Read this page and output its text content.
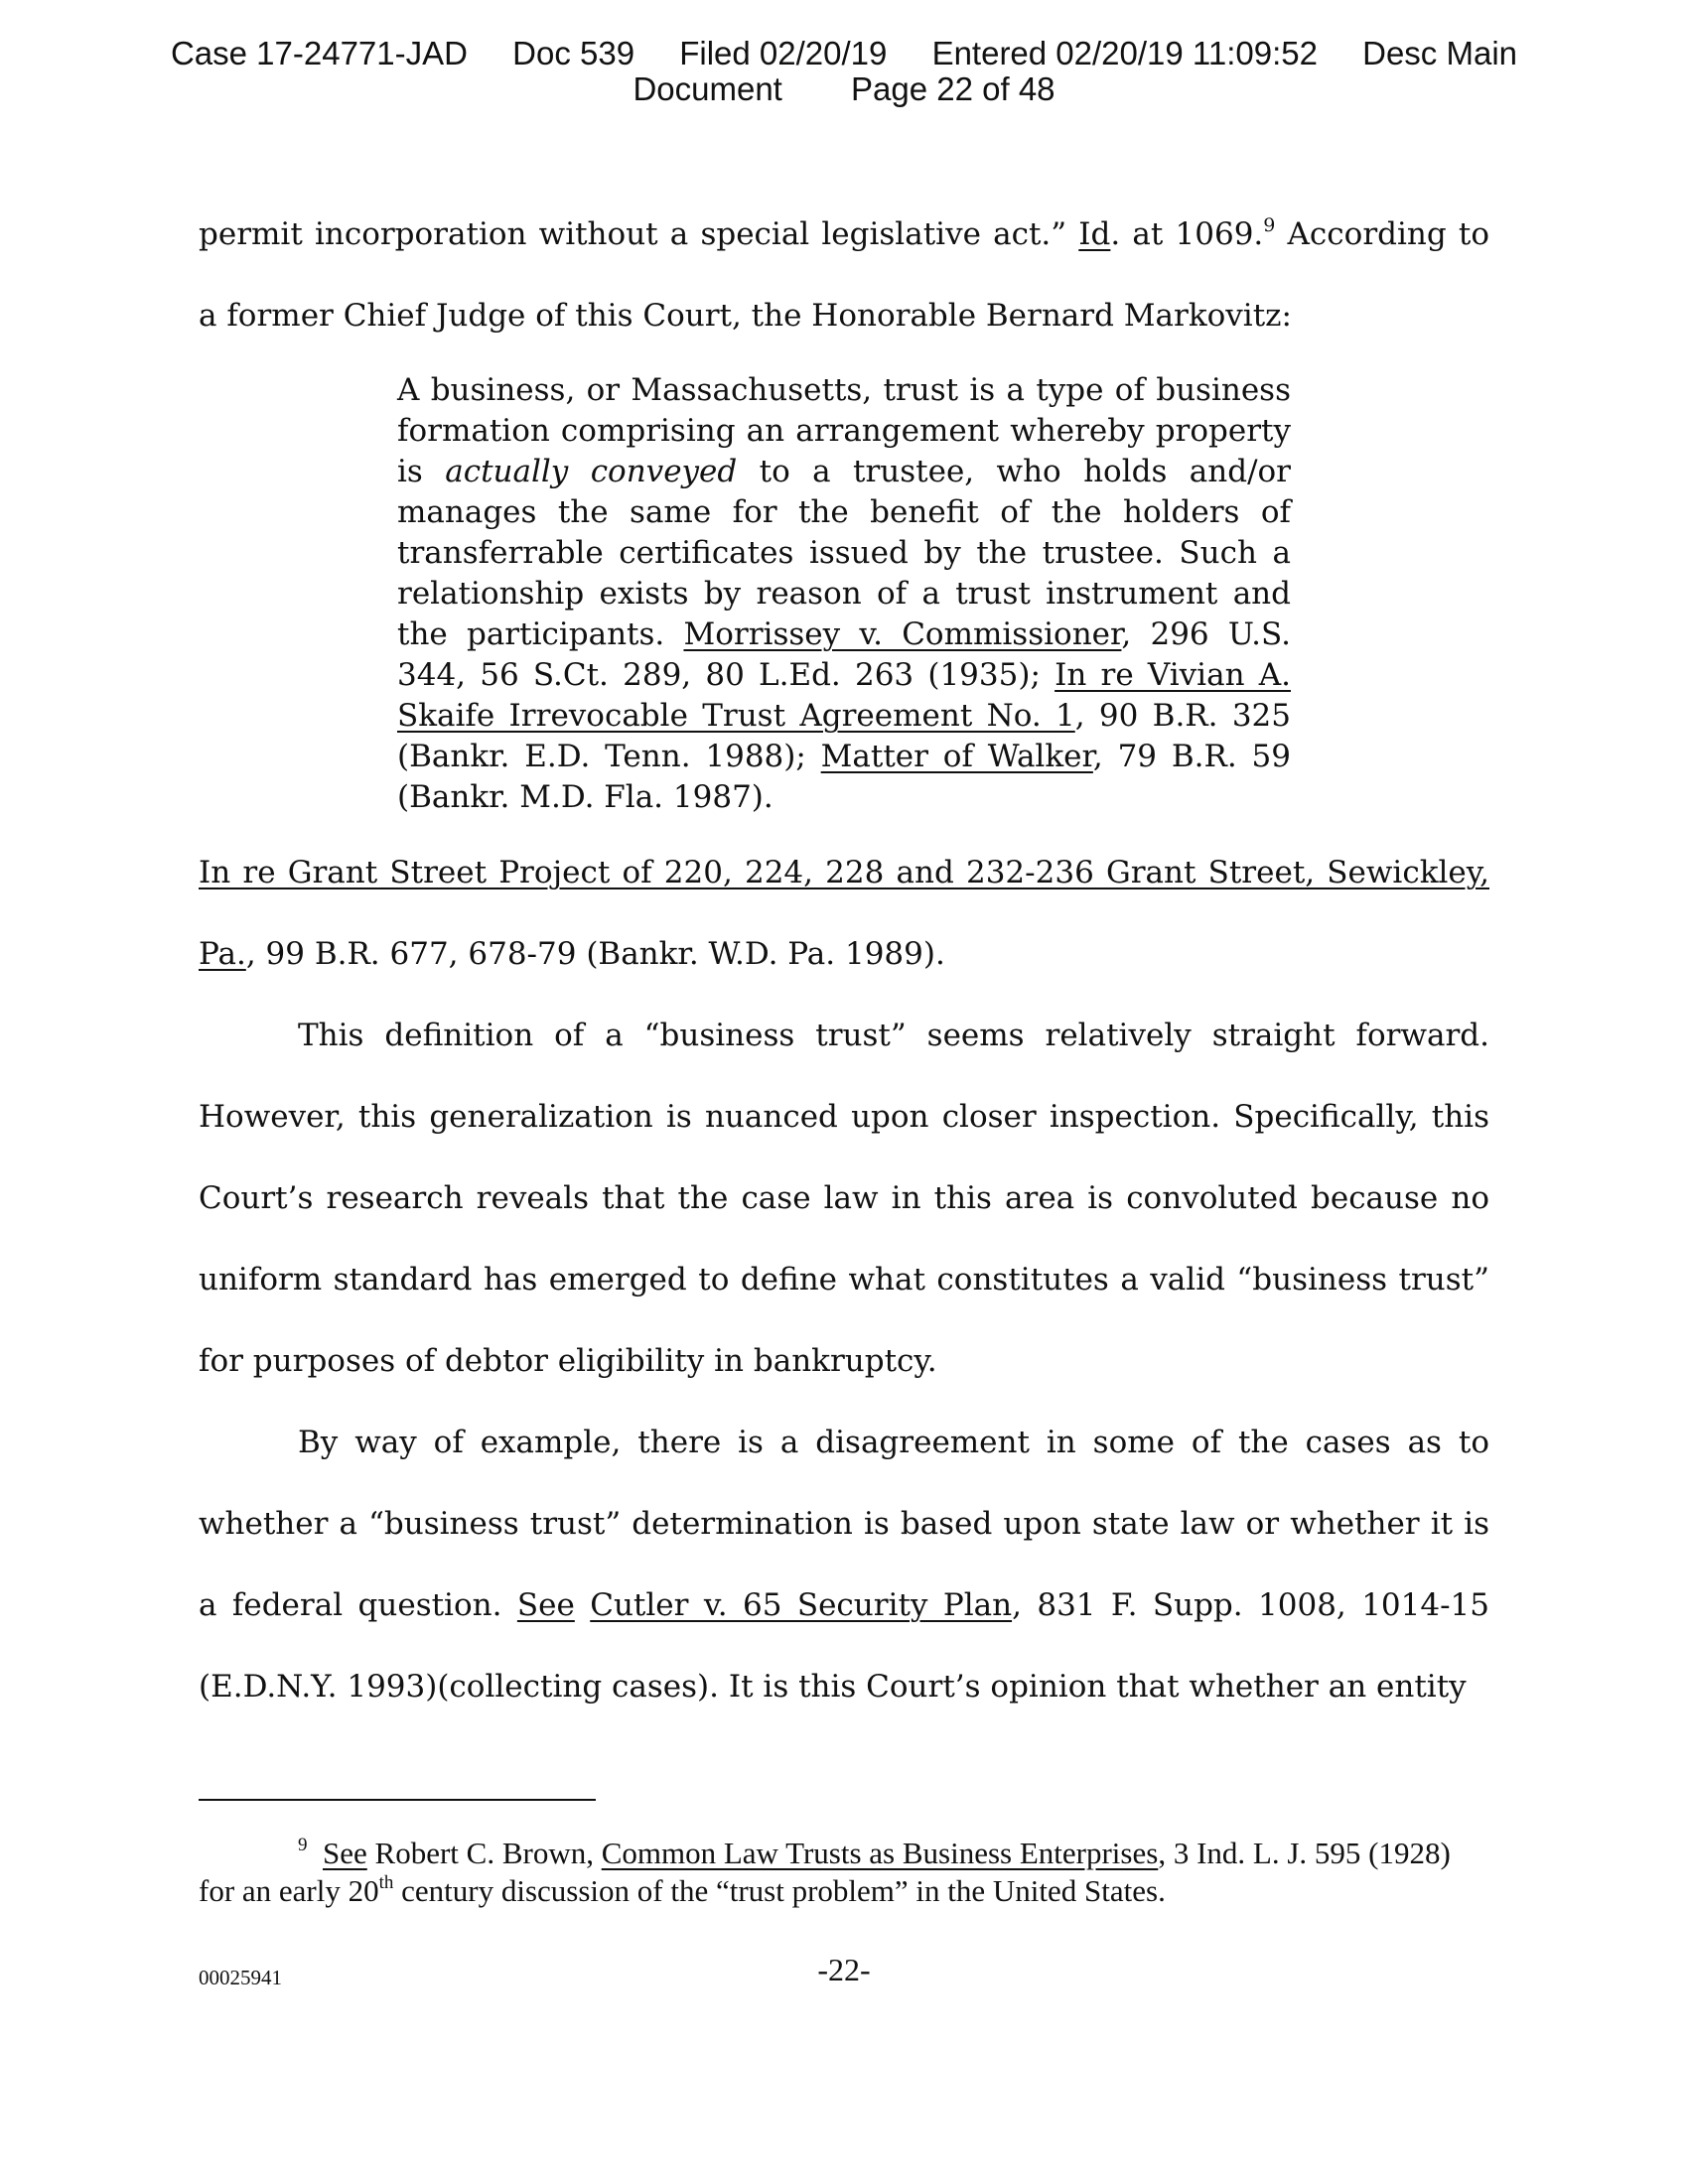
Case 17-24771-JAD Doc 539 Filed 02/20/19 Entered 02/20/19 11:09:52 Desc Main
Document Page 22 of 48

permit incorporation without a special legislative act.” Id. at 1069.$^9$ According to a former Chief Judge of this Court, the Honorable Bernard Markovitz:

A business, or Massachusetts, trust is a type of business formation comprising an arrangement whereby property is actually conveyed to a trustee, who holds and/or manages the same for the benefit of the holders of transferrable certificates issued by the trustee. Such a relationship exists by reason of a trust instrument and the participants. Morrissey v. Commissioner, 296 U.S. 344, 56 S.Ct. 289, 80 L.Ed. 263 (1935); In re Vivian A. Skaife Irrevocable Trust Agreement No. 1, 90 B.R. 325 (Bankr. E.D. Tenn. 1988); Matter of Walker, 79 B.R. 59 (Bankr. M.D. Fla. 1987).

In re Grant Street Project of 220, 224, 228 and 232-236 Grant Street, Sewickley, Pa., 99 B.R. 677, 678-79 (Bankr. W.D. Pa. 1989).

This definition of a “business trust” seems relatively straight forward. However, this generalization is nuanced upon closer inspection. Specifically, this Court’s research reveals that the case law in this area is convoluted because no uniform standard has emerged to define what constitutes a valid “business trust” for purposes of debtor eligibility in bankruptcy.

By way of example, there is a disagreement in some of the cases as to whether a “business trust” determination is based upon state law or whether it is a federal question. See Cutler v. 65 Security Plan, 831 F. Supp. 1008, 1014-15 (E.D.N.Y. 1993)(collecting cases). It is this Court’s opinion that whether an entity

$^9$ See Robert C. Brown, Common Law Trusts as Business Enterprises, 3 Ind. L. J. 595 (1928) for an early 20th century discussion of the “trust problem” in the United States.
00025941	-22-
